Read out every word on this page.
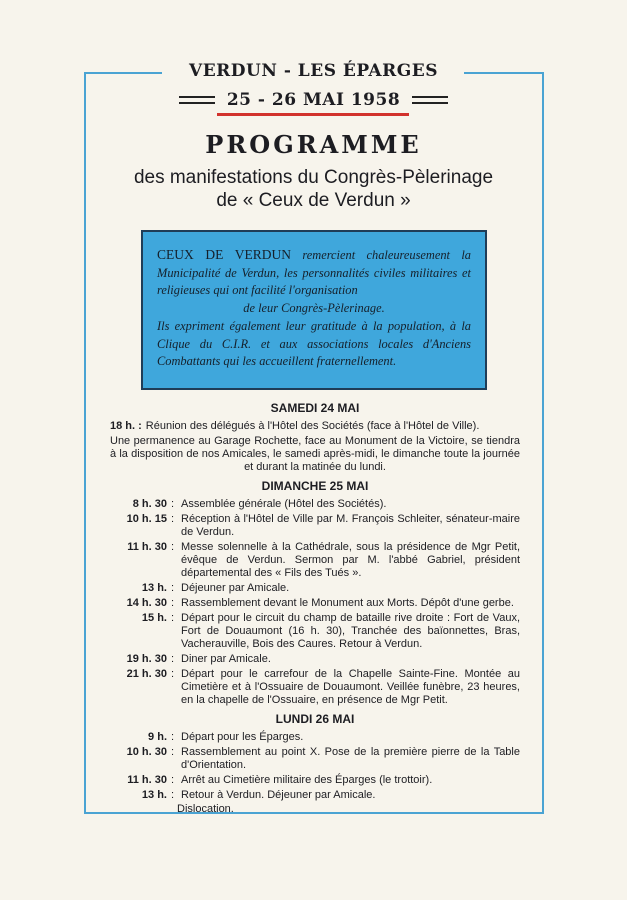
VERDUN - LES ÉPARGES
25 - 26 MAI 1958
PROGRAMME
des manifestations du Congrès-Pèlerinage
de « Ceux de Verdun »

CEUX DE VERDUN remercient chaleureusement la Municipalité de Verdun, les personnalités civiles militaires et religieuses qui ont facilité l'organisation
de leur Congrès-Pèlerinage.

Ils expriment également leur gratitude à la population, à la Clique du C.I.R. et aux associations locales d'Anciens Combattants qui les accueillent fraternellement.

SAMEDI 24 MAI
18 h. : Réunion des délégués à l'Hôtel des Sociétés (face à l'Hôtel de Ville).
Une permanence au Garage Rochette, face au Monument de la Victoire, se tiendra à la disposition de nos Amicales, le samedi après-midi, le dimanche toute la journée et durant la matinée du lundi.
DIMANCHE 25 MAI
8 h. 30 : Assemblée générale (Hôtel des Sociétés).
10 h. 15 : Réception à l'Hôtel de Ville par M. François Schleiter, sénateur-maire de Verdun.
11 h. 30 : Messe solennelle à la Cathédrale, sous la présidence de Mgr Petit, évêque de Verdun. Sermon par M. l'abbé Gabriel, président départemental des « Fils des Tués ».
13 h. : Déjeuner par Amicale.
14 h. 30 : Rassemblement devant le Monument aux Morts. Dépôt d'une gerbe.
15 h. : Départ pour le circuit du champ de bataille rive droite : Fort de Vaux, Fort de Douaumont (16 h. 30), Tranchée des baïonnettes, Bras, Vacherauville, Bois des Caures. Retour à Verdun.
19 h. 30 : Diner par Amicale.
21 h. 30 : Départ pour le carrefour de la Chapelle Sainte-Fine. Montée au Cimetière et à l'Ossuaire de Douaumont. Veillée funèbre, 23 heures, en la chapelle de l'Ossuaire, en présence de Mgr Petit.
LUNDI 26 MAI
9 h. : Départ pour les Éparges.
10 h. 30 : Rassemblement au point X. Pose de la première pierre de la Table d'Orientation.
11 h. 30 : Arrêt au Cimetière militaire des Éparges (le trottoir).
13 h. : Retour à Verdun. Déjeuner par Amicale.
Dislocation.
